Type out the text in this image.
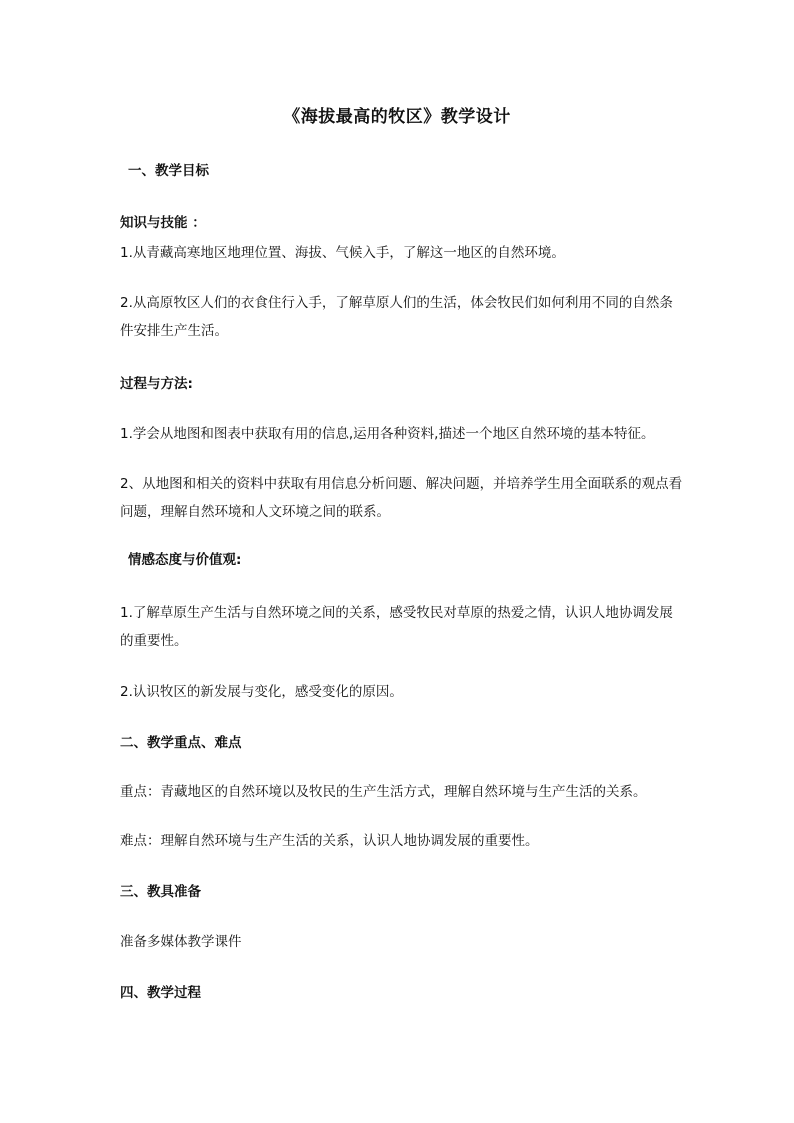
《海拔最高的牧区》教学设计
一、教学目标
知识与技能 ：
1.从青藏高寒地区地理位置、海拔、气候入手，了解这一地区的自然环境。
2.从高原牧区人们的衣食住行入手，了解草原人们的生活，体会牧民们如何利用不同的自然条件安排生产生活。
过程与方法:
1.学会从地图和图表中获取有用的信息,运用各种资料,描述一个地区自然环境的基本特征。
2、从地图和相关的资料中获取有用信息分析问题、解决问题，并培养学生用全面联系的观点看问题，理解自然环境和人文环境之间的联系。
情感态度与价值观:
1.了解草原生产生活与自然环境之间的关系，感受牧民对草原的热爱之情，认识人地协调发展的重要性。
2.认识牧区的新发展与变化，感受变化的原因。
二、教学重点、难点
重点：青藏地区的自然环境以及牧民的生产生活方式，理解自然环境与生产生活的关系。
难点：理解自然环境与生产生活的关系，认识人地协调发展的重要性。
三、教具准备
准备多媒体教学课件
四、教学过程
